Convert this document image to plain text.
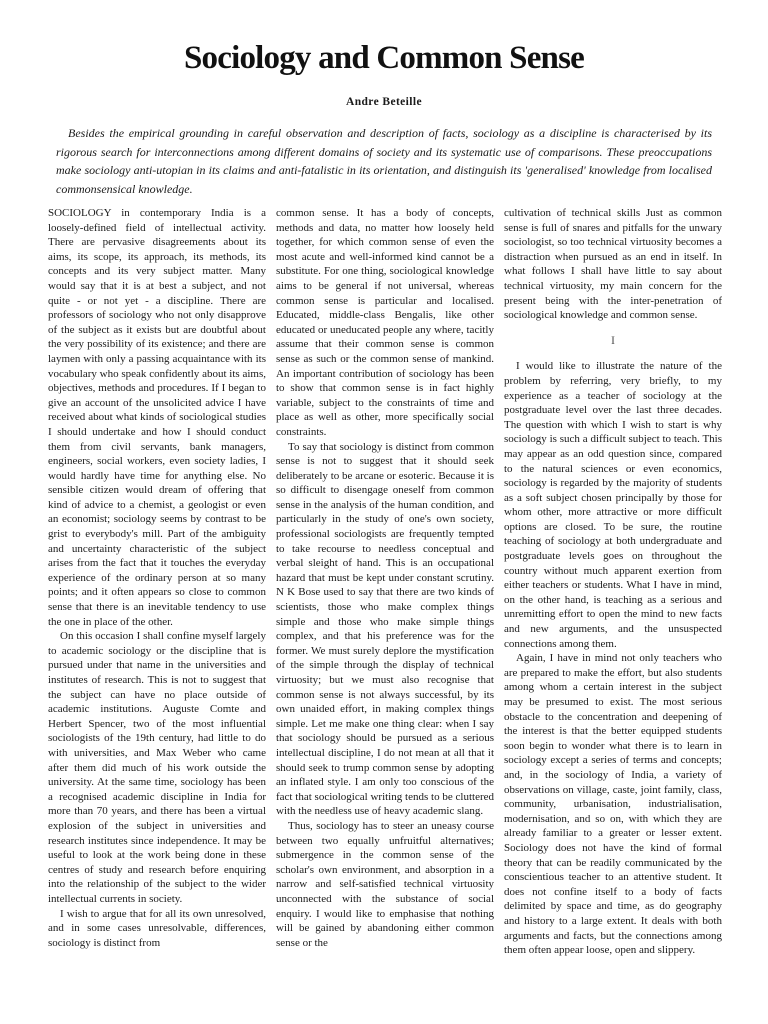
Sociology and Common Sense
Andre Beteille

Besides the empirical grounding in careful observation and description of facts, sociology as a discipline is characterised by its rigorous search for interconnections among different domains of society and its systematic use of comparisons. These preoccupations make sociology anti-utopian in its claims and anti-fatalistic in its orientation, and distinguish its 'generalised' knowledge from localised commonsensical knowledge.

SOCIOLOGY in contemporary India is a loosely-defined field of intellectual activity. There are pervasive disagreements about its aims, its scope, its approach, its methods, its concepts and its very subject matter. Many would say that it is at best a subject, and not quite - or not yet - a discipline. There are professors of sociology who not only disapprove of the subject as it exists but are doubtful about the very possibility of its existence; and there are laymen with only a passing acquaintance with its vocabulary who speak confidently about its aims, objectives, methods and procedures. If I began to give an account of the unsolicited advice I have received about what kinds of sociological studies I should undertake and how I should conduct them from civil servants, bank managers, engineers, social workers, even society ladies, I would hardly have time for anything else. No sensible citizen would dream of offering that kind of advice to a chemist, a geologist or even an economist; sociology seems by contrast to be grist to everybody's mill. Part of the ambiguity and uncertainty characteristic of the subject arises from the fact that it touches the everyday experience of the ordinary person at so many points; and it often appears so close to common sense that there is an inevitable tendency to use the one in place of the other.

On this occasion I shall confine myself largely to academic sociology or the discipline that is pursued under that name in the universities and institutes of research. This is not to suggest that the subject can have no place outside of academic institutions. Auguste Comte and Herbert Spencer, two of the most influential sociologists of the 19th century, had little to do with universities, and Max Weber who came after them did much of his work outside the university. At the same time, sociology has been a recognised academic discipline in India for more than 70 years, and there has been a virtual explosion of the subject in universities and research institutes since independence. It may be useful to look at the work being done in these centres of study and research before enquiring into the relationship of the subject to the wider intellectual currents in society.

I wish to argue that for all its own unresolved, and in some cases unresolvable, differences, sociology is distinct from

common sense. It has a body of concepts, methods and data, no matter how loosely held together, for which common sense of even the most acute and well-informed kind cannot be a substitute. For one thing, sociological knowledge aims to be general if not universal, whereas common sense is particular and localised. Educated, middle-class Bengalis, like other educated or uneducated people any where, tacitly assume that their common sense is common sense as such or the common sense of mankind. An important contribution of sociology has been to show that common sense is in fact highly variable, subject to the constraints of time and place as well as other, more specifically social constraints.

To say that sociology is distinct from common sense is not to suggest that it should seek deliberately to be arcane or esoteric. Because it is so difficult to disengage oneself from common sense in the analysis of the human condition, and particularly in the study of one's own society, professional sociologists are frequently tempted to take recourse to needless conceptual and verbal sleight of hand. This is an occupational hazard that must be kept under constant scrutiny. N K Bose used to say that there are two kinds of scientists, those who make complex things simple and those who make simple things complex, and that his preference was for the former. We must surely deplore the mystification of the simple through the display of technical virtuosity; but we must also recognise that common sense is not always successful, by its own unaided effort, in making complex things simple. Let me make one thing clear: when I say that sociology should be pursued as a serious intellectual discipline, I do not mean at all that it should seek to trump common sense by adopting an inflated style. I am only too conscious of the fact that sociological writing tends to be cluttered with the needless use of heavy academic slang.

Thus, sociology has to steer an uneasy course between two equally unfruitful alternatives; submergence in the common sense of the scholar's own environment, and absorption in a narrow and self-satisfied technical virtuosity unconnected with the substance of social enquiry. I would like to emphasise that nothing will be gained by abandoning either common sense or the

cultivation of technical skills Just as common sense is full of snares and pitfalls for the unwary sociologist, so too technical virtuosity becomes a distraction when pursued as an end in itself. In what follows I shall have little to say about technical virtuosity, my main concern for the present being with the inter-penetration of sociological knowledge and common sense.

I

I would like to illustrate the nature of the problem by referring, very briefly, to my experience as a teacher of sociology at the postgraduate level over the last three decades. The question with which I wish to start is why sociology is such a difficult subject to teach. This may appear as an odd question since, compared to the natural sciences or even economics, sociology is regarded by the majority of students as a soft subject chosen principally by those for whom other, more attractive or more difficult options are closed. To be sure, the routine teaching of sociology at both undergraduate and postgraduate levels goes on throughout the country without much apparent exertion from either teachers or students. What I have in mind, on the other hand, is teaching as a serious and unremitting effort to open the mind to new facts and new arguments, and the unsuspected connections among them.

Again, I have in mind not only teachers who are prepared to make the effort, but also students among whom a certain interest in the subject may be presumed to exist. The most serious obstacle to the concentration and deepening of the interest is that the better equipped students soon begin to wonder what there is to learn in sociology except a series of terms and concepts; and, in the sociology of India, a variety of observations on village, caste, joint family, class, community, urbanisation, industrialisation, modernisation, and so on, with which they are already familiar to a greater or lesser extent. Sociology does not have the kind of formal theory that can be readily communicated by the conscientious teacher to an attentive student. It does not confine itself to a body of facts delimited by space and time, as do geography and history to a large extent. It deals with both arguments and facts, but the connections among them often appear loose, open and slippery.
